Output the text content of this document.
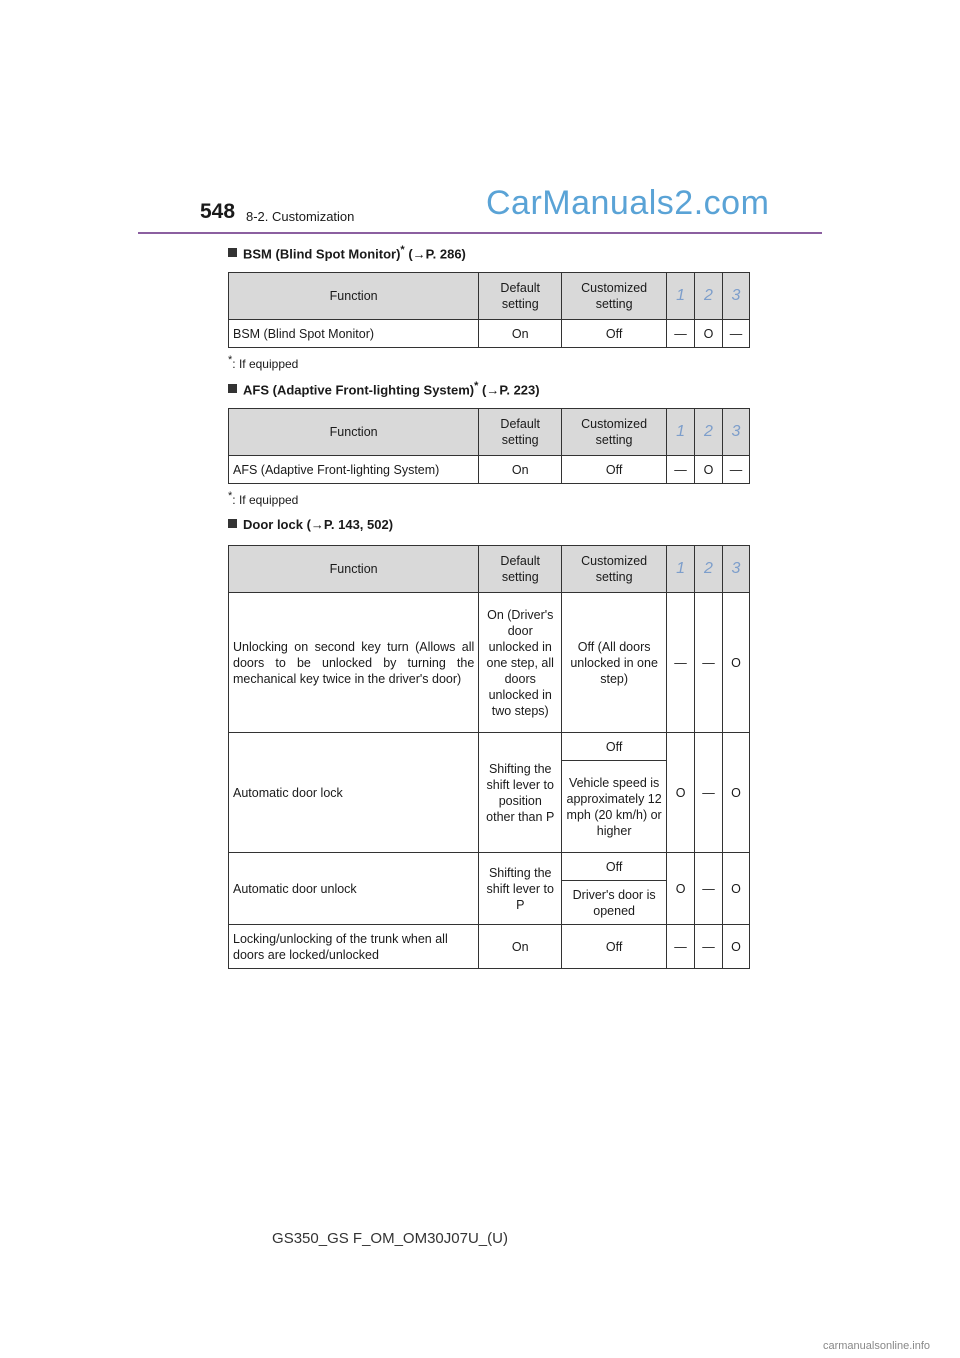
548 8-2. Customization	CarManuals2.com
BSM (Blind Spot Monitor)* (→P. 286)
Function	Default setting	Customized setting	1	2	3
BSM (Blind Spot Monitor)	On	Off	—	O	—
*: If equipped
AFS (Adaptive Front-lighting System)* (→P. 223)
Function	Default setting	Customized setting	1	2	3
AFS (Adaptive Front-lighting System)	On	Off	—	O	—
*: If equipped
Door lock (→P. 143, 502)
Function	Default setting	Customized setting	1	2	3
Unlocking on second key turn (Allows all doors to be unlocked by turning the mechanical key twice in the driver's door)	On (Driver's door unlocked in one step, all doors unlocked in two steps)	Off (All doors unlocked in one step)	—	—	O
Automatic door lock	Shifting the shift lever to position other than P	Off	O	—	O
		Vehicle speed is approximately 12 mph (20 km/h) or higher			
Automatic door unlock	Shifting the shift lever to P	Off	O	—	O
		Driver's door is opened			
Locking/unlocking of the trunk when all doors are locked/unlocked	On	Off	—	—	O
GS350_GS F_OM_OM30J07U_(U)
carmanualsonline.info
